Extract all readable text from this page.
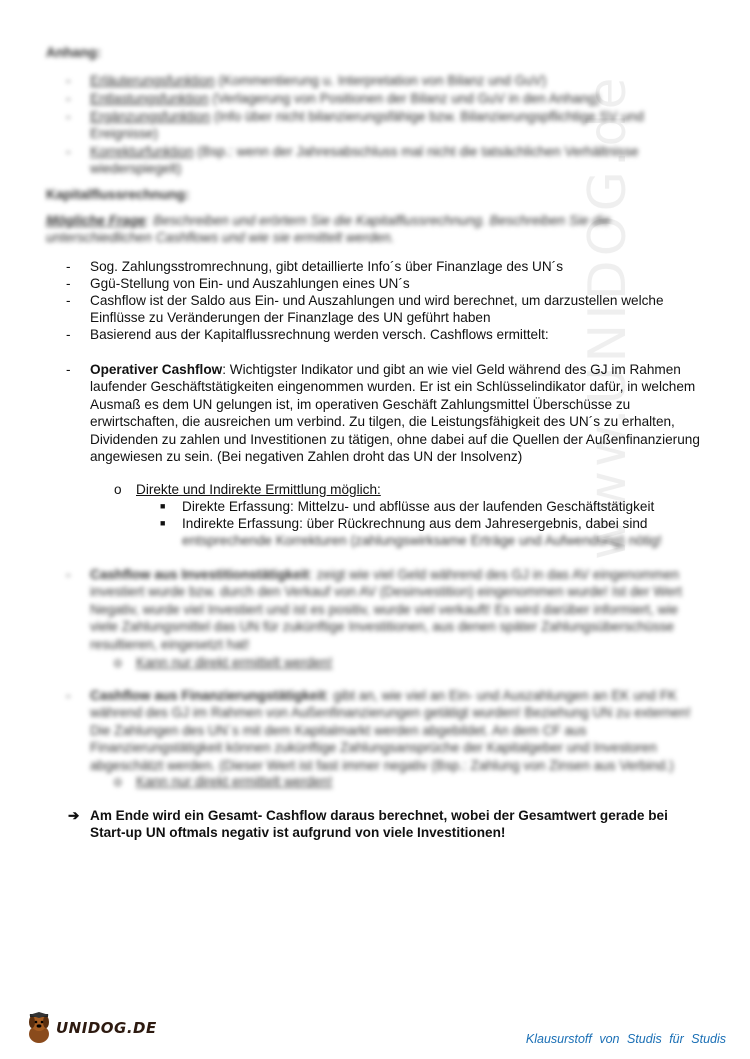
www.UNIDOG.de
Anhang:
- Erläuterungsfunktion (Kommentierung u. Interpretation von Bilanz und GuV)
- Entlastungsfunktion (Verlagerung von Positionen der Bilanz und GuV in den Anhang)
- Ergänzungsfunktion (Info über nicht bilanzierungsfähige bzw. Bilanzierungspflichtige SV und Ereignisse)
- Korrekturfunktion (Bsp.: wenn der Jahresabschluss mal nicht die tatsächlichen Verhältnisse wiederspiegelt)
Kapitalflussrechnung:
Mögliche Frage: Beschreiben und erörtern Sie die Kapitalflussrechnung. Beschreiben Sie die unterschiedlichen Cashflows und wie sie ermittelt werden.
- Sog. Zahlungsstromrechnung, gibt detaillierte Info´s über Finanzlage des UN´s
- Ggü-Stellung von Ein- und Auszahlungen eines UN´s
- Cashflow ist der Saldo aus Ein- und Auszahlungen und wird berechnet, um darzustellen welche Einflüsse zu Veränderungen der Finanzlage des UN geführt haben
- Basierend aus der Kapitalflussrechnung werden versch. Cashflows ermittelt:
- Operativer Cashflow: Wichtigster Indikator und gibt an wie viel Geld während des GJ im Rahmen laufender Geschäftstätigkeiten eingenommen wurden. Er ist ein Schlüsselindikator dafür, in welchem Ausmaß es dem UN gelungen ist, im operativen Geschäft Zahlungsmittel Überschüsse zu erwirtschaften, die ausreichen um verbind. Zu tilgen, die Leistungsfähigkeit des UN´s zu erhalten, Dividenden zu zahlen und Investitionen zu tätigen, ohne dabei auf die Quellen der Außenfinanzierung angewiesen zu sein. (Bei negativen Zahlen droht das UN der Insolvenz)
o Direkte und Indirekte Ermittlung möglich:
■ Direkte Erfassung: Mittelzu- und abflüsse aus der laufenden Geschäftstätigkeit
■ Indirekte Erfassung: über Rückrechnung aus dem Jahresergebnis, dabei sind
entsprechende Korrekturen (zahlungswirksame Erträge und Aufwendung) nötig!
- Cashflow aus Investitionstätigkeit: zeigt wie viel Geld während des GJ in das AV eingenommen investiert wurde bzw. durch den Verkauf von AV (Desinvestition) eingenommen wurde! Ist der Wert Negativ, wurde viel Investiert und ist es positiv, wurde viel verkauft! Es wird darüber informiert, wie viele Zahlungsmittel das UN für zukünftige Investitionen, aus denen später Zahlungsüberschüsse resultieren, eingesetzt hat!
o Kann nur direkt ermittelt werden!
- Cashflow aus Finanzierungstätigkeit: gibt an, wie viel an Ein- und Auszahlungen an EK und FK während des GJ im Rahmen von Außenfinanzierungen getätigt wurden! Beziehung UN zu externen! Die Zahlungen des UN´s mit dem Kapitalmarkt werden abgebildet. An dem CF aus Finanzierungstätigkeit können zukünftige Zahlungsansprüche der Kapitalgeber und Investoren abgeschätzt werden. (Dieser Wert ist fast immer negativ (Bsp.: Zahlung von Zinsen aus Verbind.)
o Kann nur direkt ermittelt werden!
➔ Am Ende wird ein Gesamt- Cashflow daraus berechnet, wobei der Gesamtwert gerade bei Start-up UN oftmals negativ ist aufgrund von viele Investitionen!
UNIDOG.DE
Klausurstoff von Studis für Studis
